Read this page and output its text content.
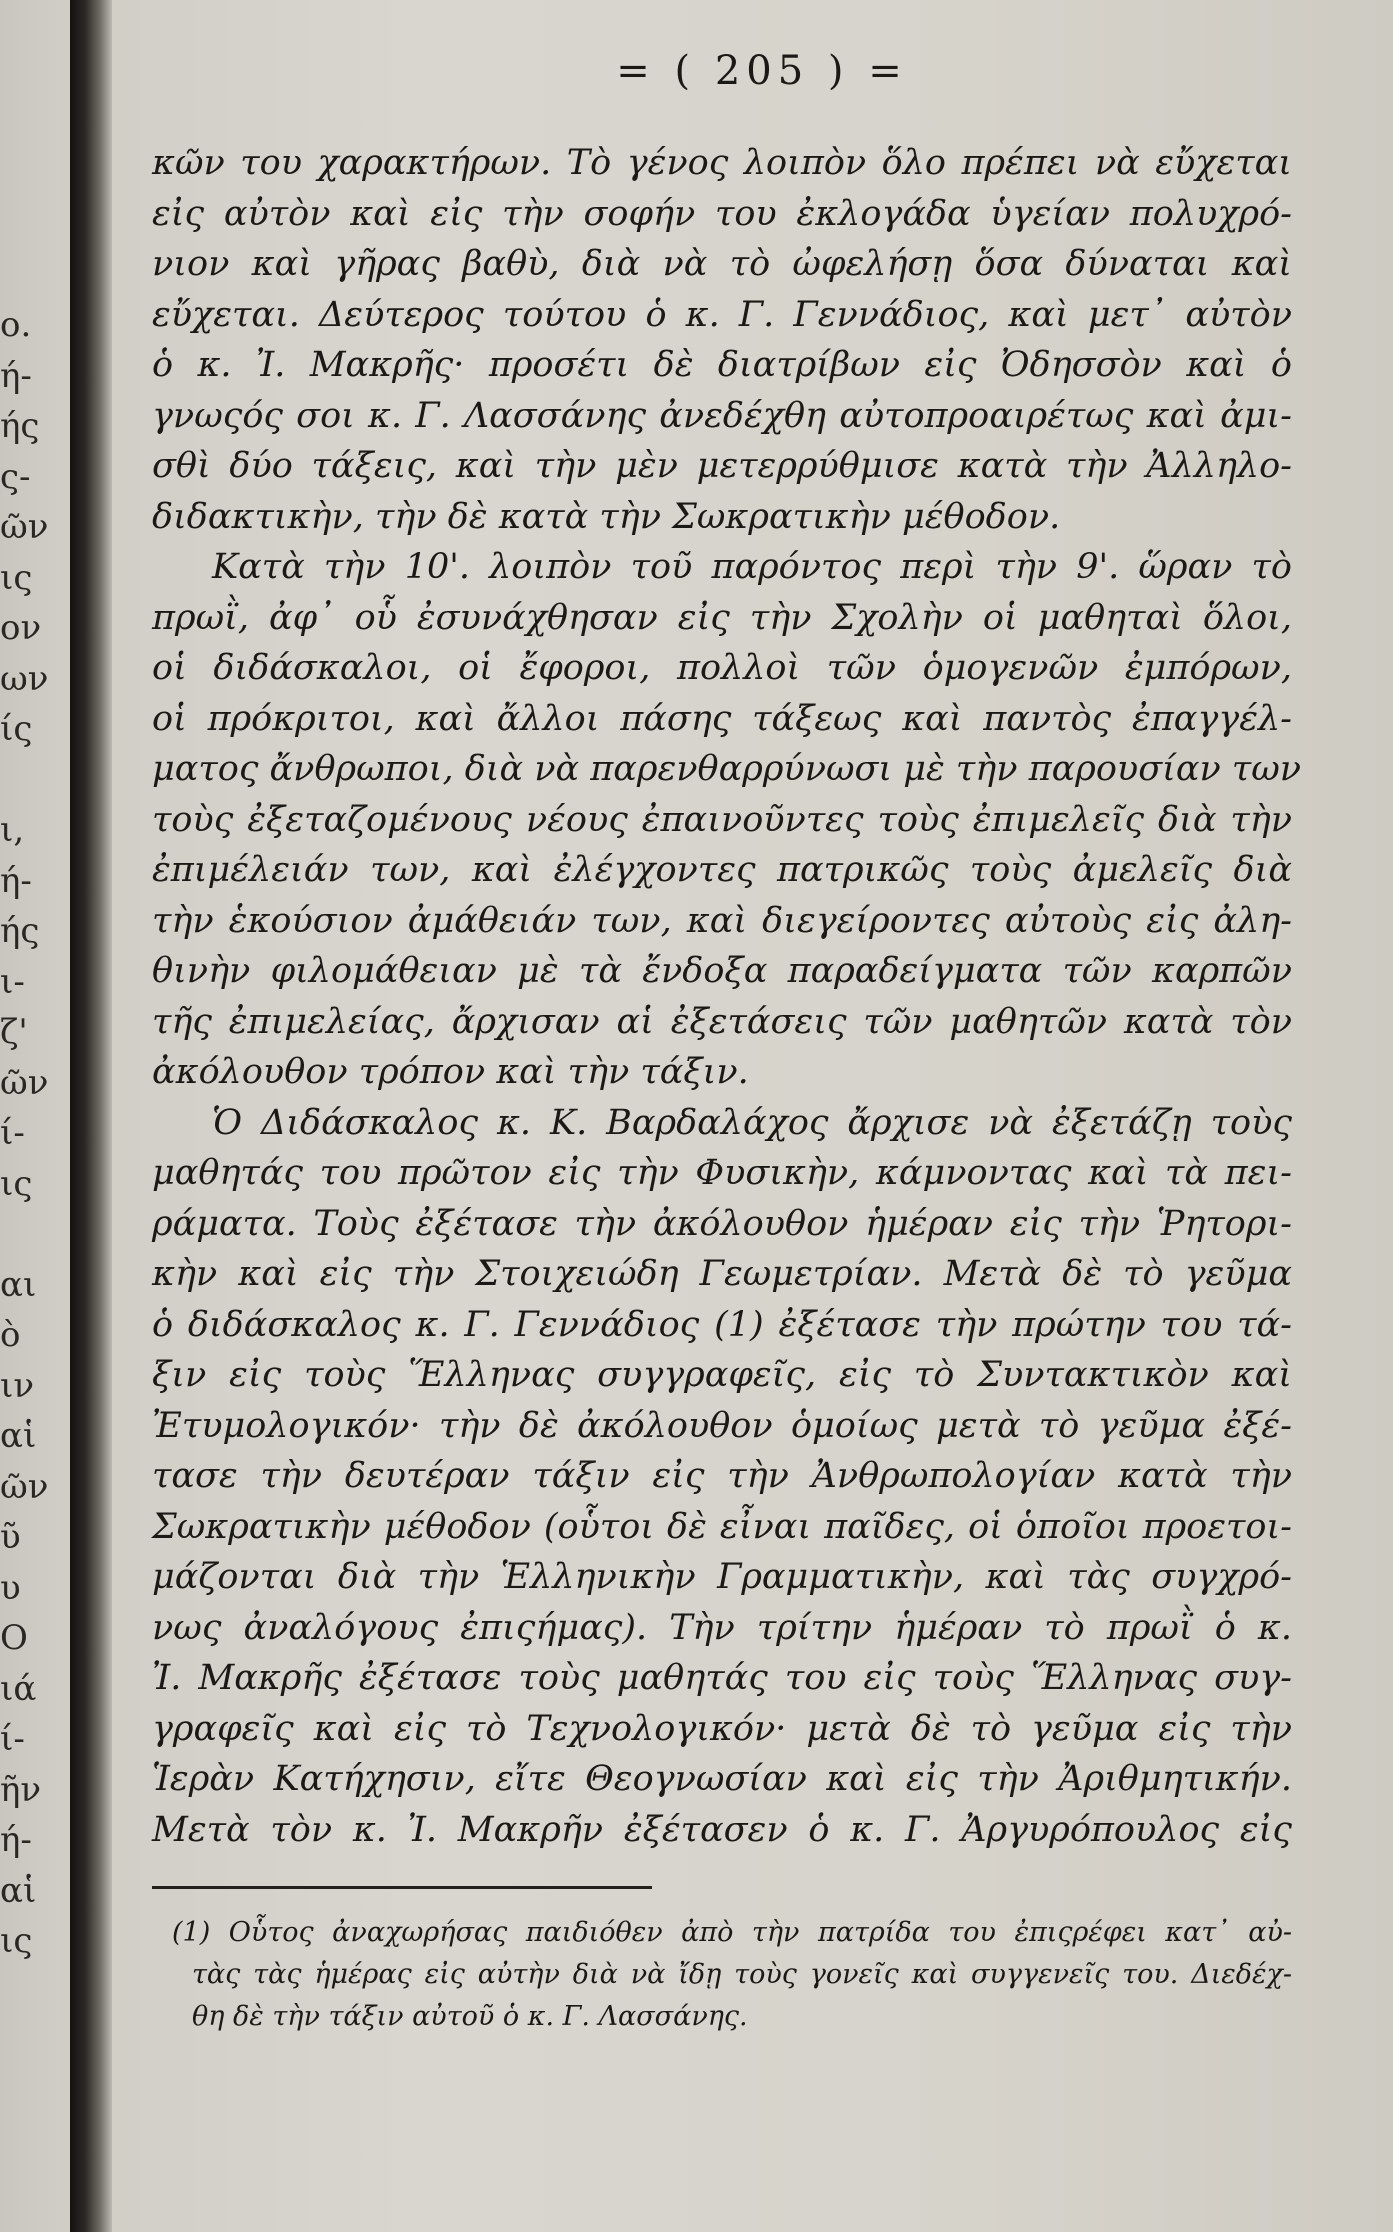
ο.
ή-
ής
ς-
ῶν
ις
ον
ων
ίς
ι,
ή-
ής
ι-
ζ'
ῶν
ί-
ις
αι
ὸ
ιν
αἱ
ῶν
ῦ
υ
Ο
ιά
ί-
ῆν
ή-
αἱ
ις
= ( 205 ) =
κῶν του χαρακτήρων. Τὸ γένος λοιπὸν ὅλο πρέπει νὰ εὔχεται
εἰς αὐτὸν καὶ εἰς τὴν σοφήν του ἐκλογάδα ὑγείαν πολυχρό-
νιον καὶ γῆρας βαθὺ, διὰ νὰ τὸ ὠφελήσῃ ὅσα δύναται καὶ
εὔχεται. Δεύτερος τούτου ὁ κ. Γ. Γεννάδιος, καὶ μετ᾽ αὐτὸν
ὁ κ. Ἰ. Μακρῆς· προσέτι δὲ διατρίβων εἰς Ὀδησσὸν καὶ ὁ
γνωςός σοι κ. Γ. Λασσάνης ἀνεδέχθη αὐτοπροαιρέτως καὶ ἀμι-
σθὶ δύο τάξεις, καὶ τὴν μὲν μετερρύθμισε κατὰ τὴν Ἀλληλο-
διδακτικὴν, τὴν δὲ κατὰ τὴν Σωκρατικὴν μέθοδον.
Κατὰ τὴν 10'. λοιπὸν τοῦ παρόντος περὶ τὴν 9'. ὥραν τὸ
πρωῒ, ἀφ᾽ οὗ ἐσυνάχθησαν εἰς τὴν Σχολὴν οἱ μαθηταὶ ὅλοι,
οἱ διδάσκαλοι, οἱ ἔφοροι, πολλοὶ τῶν ὁμογενῶν ἐμπόρων,
οἱ πρόκριτοι, καὶ ἄλλοι πάσης τάξεως καὶ παντὸς ἐπαγγέλ-
ματος ἄνθρωποι, διὰ νὰ παρενθαρρύνωσι μὲ τὴν παρουσίαν των
τοὺς ἐξεταζομένους νέους ἐπαινοῦντες τοὺς ἐπιμελεῖς διὰ τὴν
ἐπιμέλειάν των, καὶ ἐλέγχοντες πατρικῶς τοὺς ἀμελεῖς διὰ
τὴν ἑκούσιον ἀμάθειάν των, καὶ διεγείροντες αὐτοὺς εἰς ἀλη-
θινὴν φιλομάθειαν μὲ τὰ ἔνδοξα παραδείγματα τῶν καρπῶν
τῆς ἐπιμελείας, ἄρχισαν αἱ ἐξετάσεις τῶν μαθητῶν κατὰ τὸν
ἀκόλουθον τρόπον καὶ τὴν τάξιν.
Ὁ Διδάσκαλος κ. Κ. Βαρδαλάχος ἄρχισε νὰ ἐξετάζῃ τοὺς
μαθητάς του πρῶτον εἰς τὴν Φυσικὴν, κάμνοντας καὶ τὰ πει-
ράματα. Τοὺς ἐξέτασε τὴν ἀκόλουθον ἡμέραν εἰς τὴν Ῥητορι-
κὴν καὶ εἰς τὴν Στοιχειώδη Γεωμετρίαν. Μετὰ δὲ τὸ γεῦμα
ὁ διδάσκαλος κ. Γ. Γεννάδιος (1) ἐξέτασε τὴν πρώτην του τά-
ξιν εἰς τοὺς Ἕλληνας συγγραφεῖς, εἰς τὸ Συντακτικὸν καὶ
Ἐτυμολογικόν· τὴν δὲ ἀκόλουθον ὁμοίως μετὰ τὸ γεῦμα ἐξέ-
τασε τὴν δευτέραν τάξιν εἰς τὴν Ἀνθρωπολογίαν κατὰ τὴν
Σωκρατικὴν μέθοδον (οὗτοι δὲ εἶναι παῖδες, οἱ ὁποῖοι προετοι-
μάζονται διὰ τὴν Ἑλληνικὴν Γραμματικὴν, καὶ τὰς συγχρό-
νως ἀναλόγους ἐπιςήμας). Τὴν τρίτην ἡμέραν τὸ πρωῒ ὁ κ.
Ἰ. Μακρῆς ἐξέτασε τοὺς μαθητάς του εἰς τοὺς Ἕλληνας συγ-
γραφεῖς καὶ εἰς τὸ Τεχνολογικόν· μετὰ δὲ τὸ γεῦμα εἰς τὴν
Ἱερὰν Κατήχησιν, εἴτε Θεογνωσίαν καὶ εἰς τὴν Ἀριθμητικήν.
Μετὰ τὸν κ. Ἰ. Μακρῆν ἐξέτασεν ὁ κ. Γ. Ἀργυρόπουλος εἰς
(1) Οὗτος ἀναχωρήσας παιδιόθεν ἀπὸ τὴν πατρίδα του ἐπιςρέφει κατ᾽ αὐ-
τὰς τὰς ἡμέρας εἰς αὐτὴν διὰ νὰ ἴδῃ τοὺς γονεῖς καὶ συγγενεῖς του. Διεδέχ-
θη δὲ τὴν τάξιν αὐτοῦ ὁ κ. Γ. Λασσάνης.
